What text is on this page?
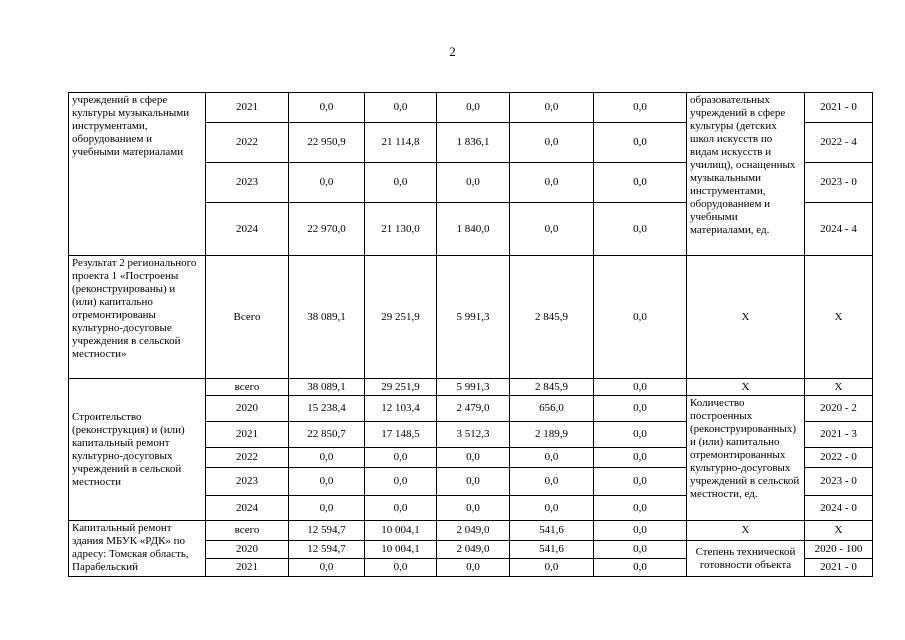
2
учреждений в сфере культуры музыкальными инструментами, оборудованием и учебными материалами	2021	0,0	0,0	0,0	0,0	0,0	образовательных учреждений в сфере культуры (детских школ искусств по видам искусств и училищ), оснащенных музыкальными инструментами, оборудованием и учебными материалами, ед.	2021 - 0
	2022	22 950,9	21 114,8	1 836,1	0,0	0,0		2022 - 4
	2023	0,0	0,0	0,0	0,0	0,0		2023 - 0
	2024	22 970,0	21 130,0	1 840,0	0,0	0,0		2024 - 4
Результат 2 регионального проекта 1 «Построены (реконструированы) и (или) капитально отремонтированы культурно-досуговые учреждения в сельской местности»	Всего	38 089,1	29 251,9	5 991,3	2 845,9	0,0	X	X
Строительство (реконструкция) и (или) капитальный ремонт культурно-досуговых учреждений в сельской местности	всего	38 089,1	29 251,9	5 991,3	2 845,9	0,0	X	X
	2020	15 238,4	12 103,4	2 479,0	656,0	0,0	Количество построенных (реконструированных) и (или) капитально отремонтированных культурно-досуговых учреждений в сельской местности, ед.	2020 - 2
	2021	22 850,7	17 148,5	3 512,3	2 189,9	0,0		2021 - 3
	2022	0,0	0,0	0,0	0,0	0,0		2022 - 0
	2023	0,0	0,0	0,0	0,0	0,0		2023 - 0
	2024	0,0	0,0	0,0	0,0	0,0		2024 - 0
Капитальный ремонт здания МБУК «РДК» по адресу: Томская область, Парабельский	всего	12 594,7	10 004,1	2 049,0	541,6	0,0	X	X
	2020	12 594,7	10 004,1	2 049,0	541,6	0,0	Степень технической готовности объекта	2020 - 100
	2021	0,0	0,0	0,0	0,0	0,0		2021 - 0
